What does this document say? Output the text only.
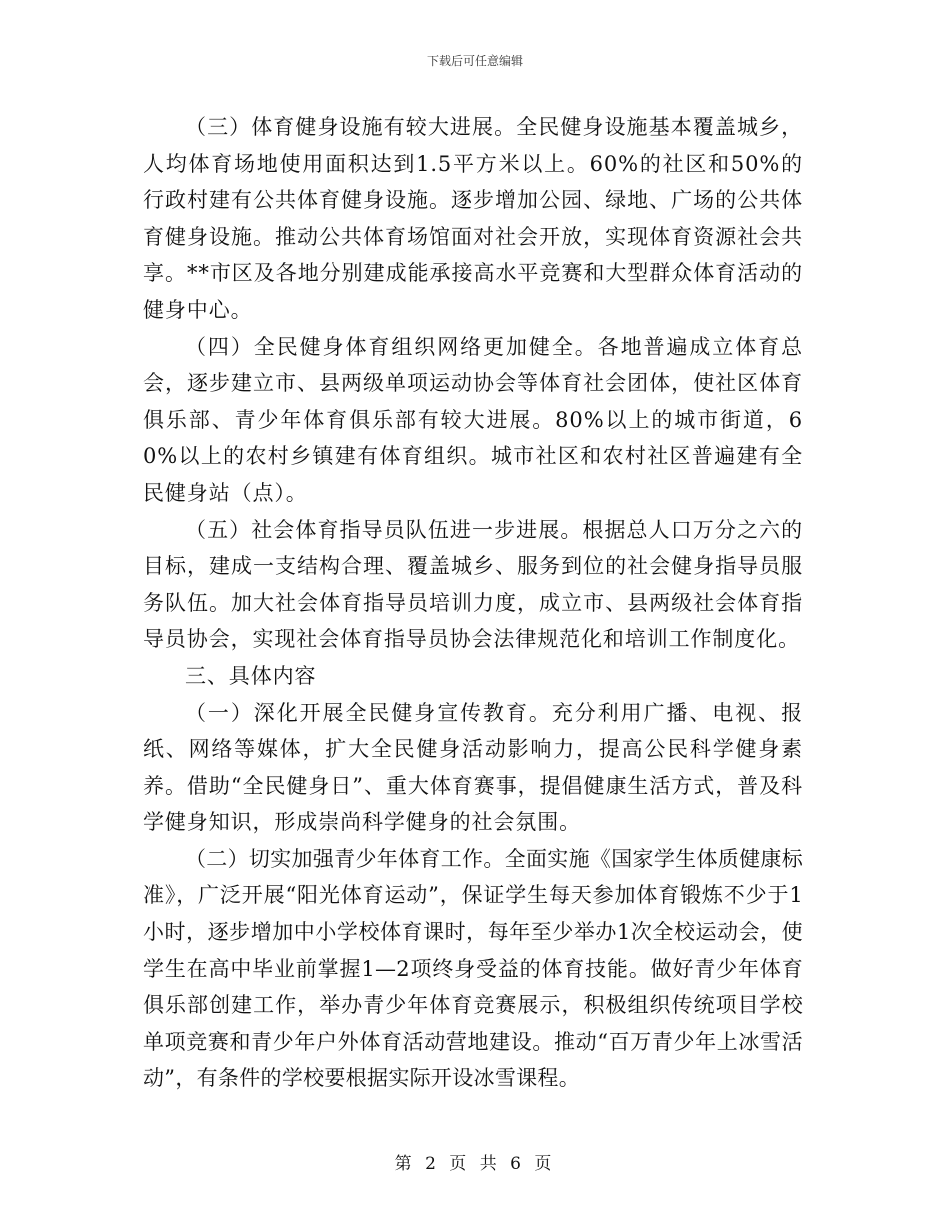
下载后可任意编辑

（三）体育健身设施有较大进展。全民健身设施基本覆盖城乡，人均体育场地使用面积达到1.5平方米以上。60%的社区和50%的行政村建有公共体育健身设施。逐步增加公园、绿地、广场的公共体育健身设施。推动公共体育场馆面对社会开放，实现体育资源社会共享。**市区及各地分别建成能承接高水平竞赛和大型群众体育活动的健身中心。

（四）全民健身体育组织网络更加健全。各地普遍成立体育总会，逐步建立市、县两级单项运动协会等体育社会团体，使社区体育俱乐部、青少年体育俱乐部有较大进展。80%以上的城市街道，60%以上的农村乡镇建有体育组织。城市社区和农村社区普遍建有全民健身站（点）。

（五）社会体育指导员队伍进一步进展。根据总人口万分之六的目标，建成一支结构合理、覆盖城乡、服务到位的社会健身指导员服务队伍。加大社会体育指导员培训力度，成立市、县两级社会体育指导员协会，实现社会体育指导员协会法律规范化和培训工作制度化。

三、具体内容

（一）深化开展全民健身宣传教育。充分利用广播、电视、报纸、网络等媒体，扩大全民健身活动影响力，提高公民科学健身素养。借助“全民健身日”、重大体育赛事，提倡健康生活方式，普及科学健身知识，形成崇尚科学健身的社会氛围。

（二）切实加强青少年体育工作。全面实施《国家学生体质健康标准》，广泛开展“阳光体育运动”，保证学生每天参加体育锻炼不少于1小时，逐步增加中小学校体育课时，每年至少举办1次全校运动会，使学生在高中毕业前掌握1—2项终身受益的体育技能。做好青少年体育俱乐部创建工作，举办青少年体育竞赛展示，积极组织传统项目学校单项竞赛和青少年户外体育活动营地建设。推动“百万青少年上冰雪活动”，有条件的学校要根据实际开设冰雪课程。

第 2 页 共 6 页
